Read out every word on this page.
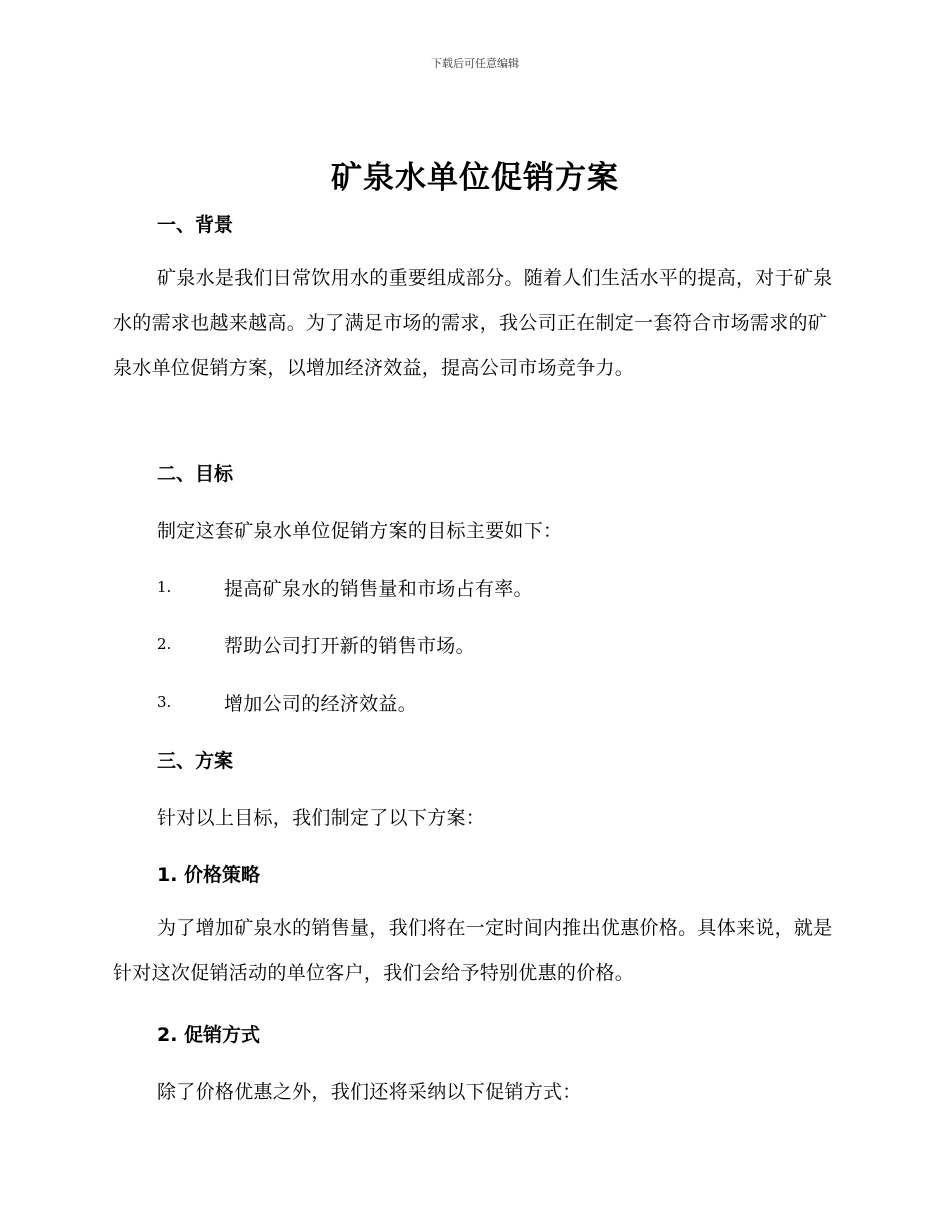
下载后可任意编辑
矿泉水单位促销方案
一、背景
矿泉水是我们日常饮用水的重要组成部分。随着人们生活水平的提高，对于矿泉水的需求也越来越高。为了满足市场的需求，我公司正在制定一套符合市场需求的矿泉水单位促销方案，以增加经济效益，提高公司市场竞争力。
二、目标
制定这套矿泉水单位促销方案的目标主要如下：
1.	提高矿泉水的销售量和市场占有率。
2.	帮助公司打开新的销售市场。
3.	增加公司的经济效益。
三、方案
针对以上目标，我们制定了以下方案：
1. 价格策略
为了增加矿泉水的销售量，我们将在一定时间内推出优惠价格。具体来说，就是针对这次促销活动的单位客户，我们会给予特别优惠的价格。
2. 促销方式
除了价格优惠之外，我们还将采纳以下促销方式：
